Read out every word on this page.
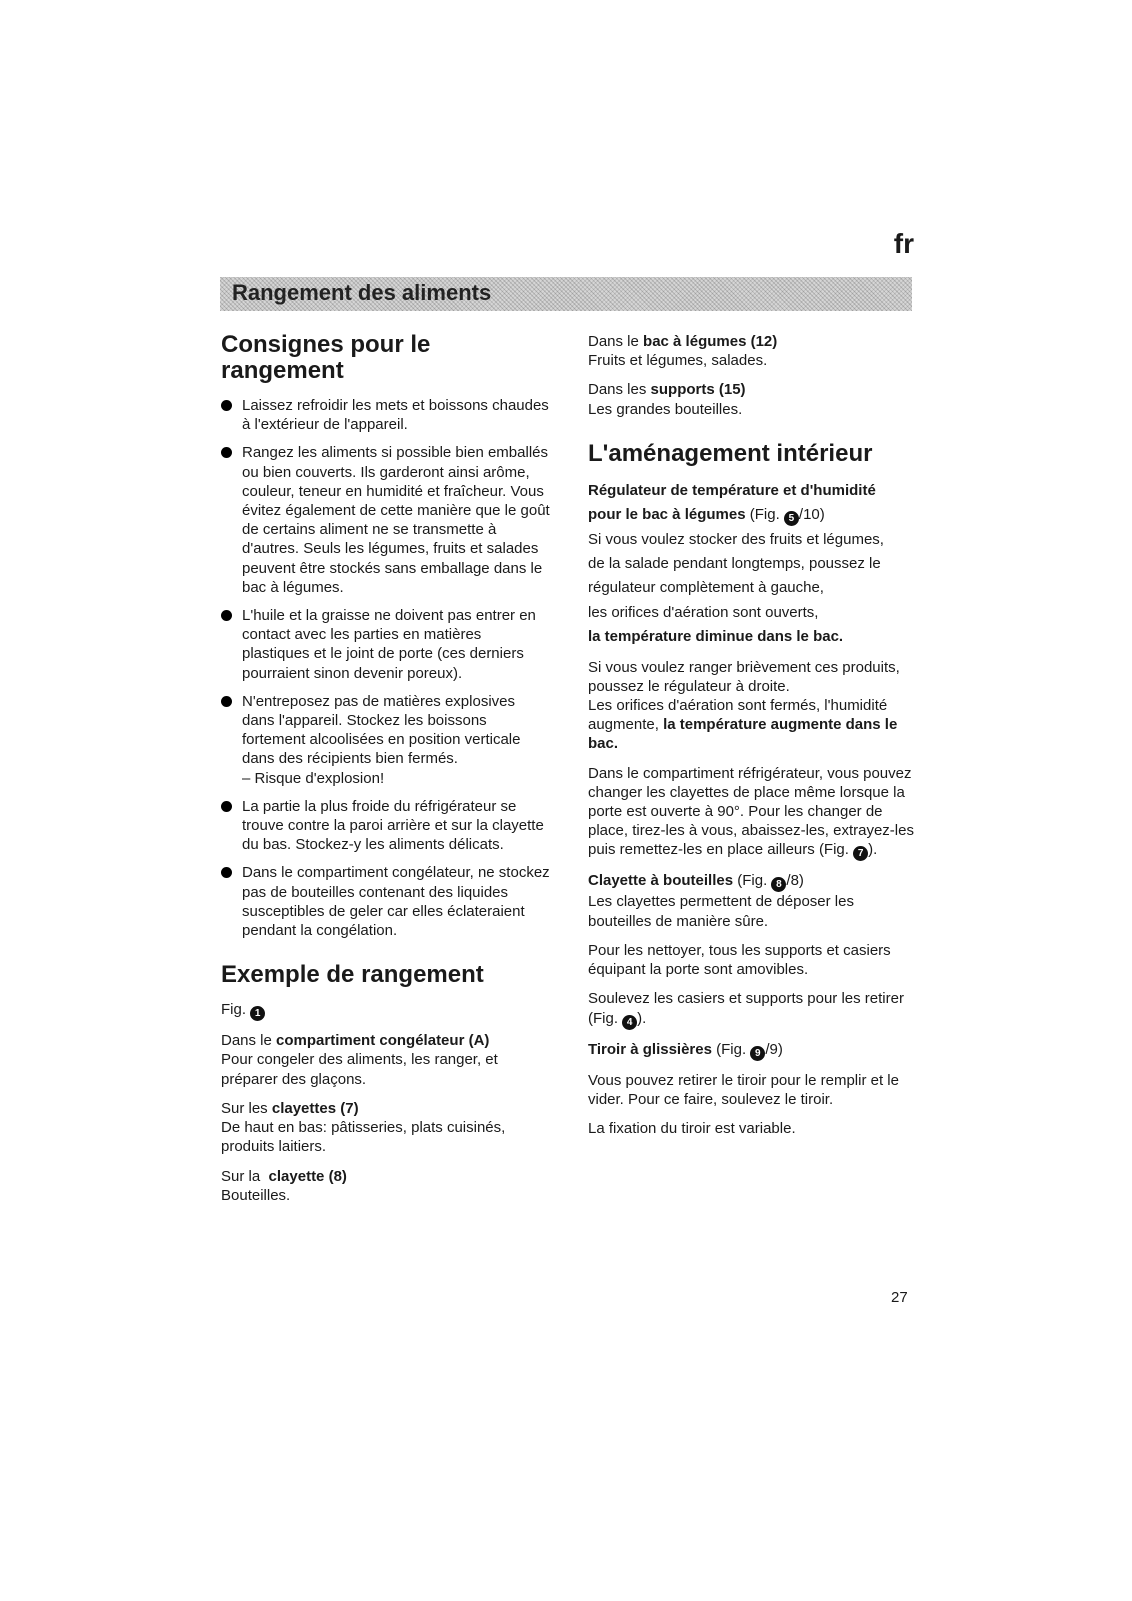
fr
Rangement des aliments
Consignes pour le rangement
Laissez refroidir les mets et boissons chaudes à l'extérieur de l'appareil.
Rangez les aliments si possible bien emballés ou bien couverts. Ils garderont ainsi arôme, couleur, teneur en humidité et fraîcheur. Vous évitez également de cette manière que le goût de certains aliment ne se transmette à d'autres. Seuls les légumes, fruits et salades peuvent être stockés sans emballage dans le bac à légumes.
L'huile et la graisse ne doivent pas entrer en contact avec les parties en matières plastiques et le joint de porte (ces derniers pourraient sinon devenir poreux).
N'entreposez pas de matières explosives dans l'appareil. Stockez les boissons fortement alcoolisées en position verticale dans des récipients bien fermés.
– Risque d'explosion!
La partie la plus froide du réfrigérateur se trouve contre la paroi arrière et sur la clayette du bas. Stockez-y les aliments délicats.
Dans le compartiment congélateur, ne stockez pas de bouteilles contenant des liquides susceptibles de geler car elles éclateraient pendant la congélation.
Exemple de rangement

Fig. 1

Dans le compartiment congélateur (A)
Pour congeler des aliments, les ranger, et préparer des glaçons.

Sur les clayettes (7)
De haut en bas: pâtisseries, plats cuisinés, produits laitiers.

Sur la clayette (8)
Bouteilles.

Dans le bac à légumes (12)
Fruits et légumes, salades.

Dans les supports (15)
Les grandes bouteilles.

L'aménagement intérieur
Régulateur de température et d'humidité
pour le bac à légumes (Fig. 5 /10)
Si vous voulez stocker des fruits et légumes,
de la salade pendant longtemps, poussez le
régulateur complètement à gauche,
les orifices d'aération sont ouverts,
la température diminue dans le bac.

Si vous voulez ranger brièvement ces produits, poussez le régulateur à droite.
Les orifices d'aération sont fermés, l'humidité augmente, la température augmente dans le bac.

Dans le compartiment réfrigérateur, vous pouvez changer les clayettes de place même lorsque la porte est ouverte à 90°. Pour les changer de place, tirez-les à vous, abaissez-les, extrayez-les puis remettez-les en place ailleurs (Fig. 7 ).

Clayette à bouteilles (Fig. 8 /8)
Les clayettes permettent de déposer les bouteilles de manière sûre.

Pour les nettoyer, tous les supports et casiers équipant la porte sont amovibles.

Soulevez les casiers et supports pour les retirer (Fig. 4 ).

Tiroir à glissières (Fig. 9 /9)

Vous pouvez retirer le tiroir pour le remplir et le vider. Pour ce faire, soulevez le tiroir.

La fixation du tiroir est variable.

27
